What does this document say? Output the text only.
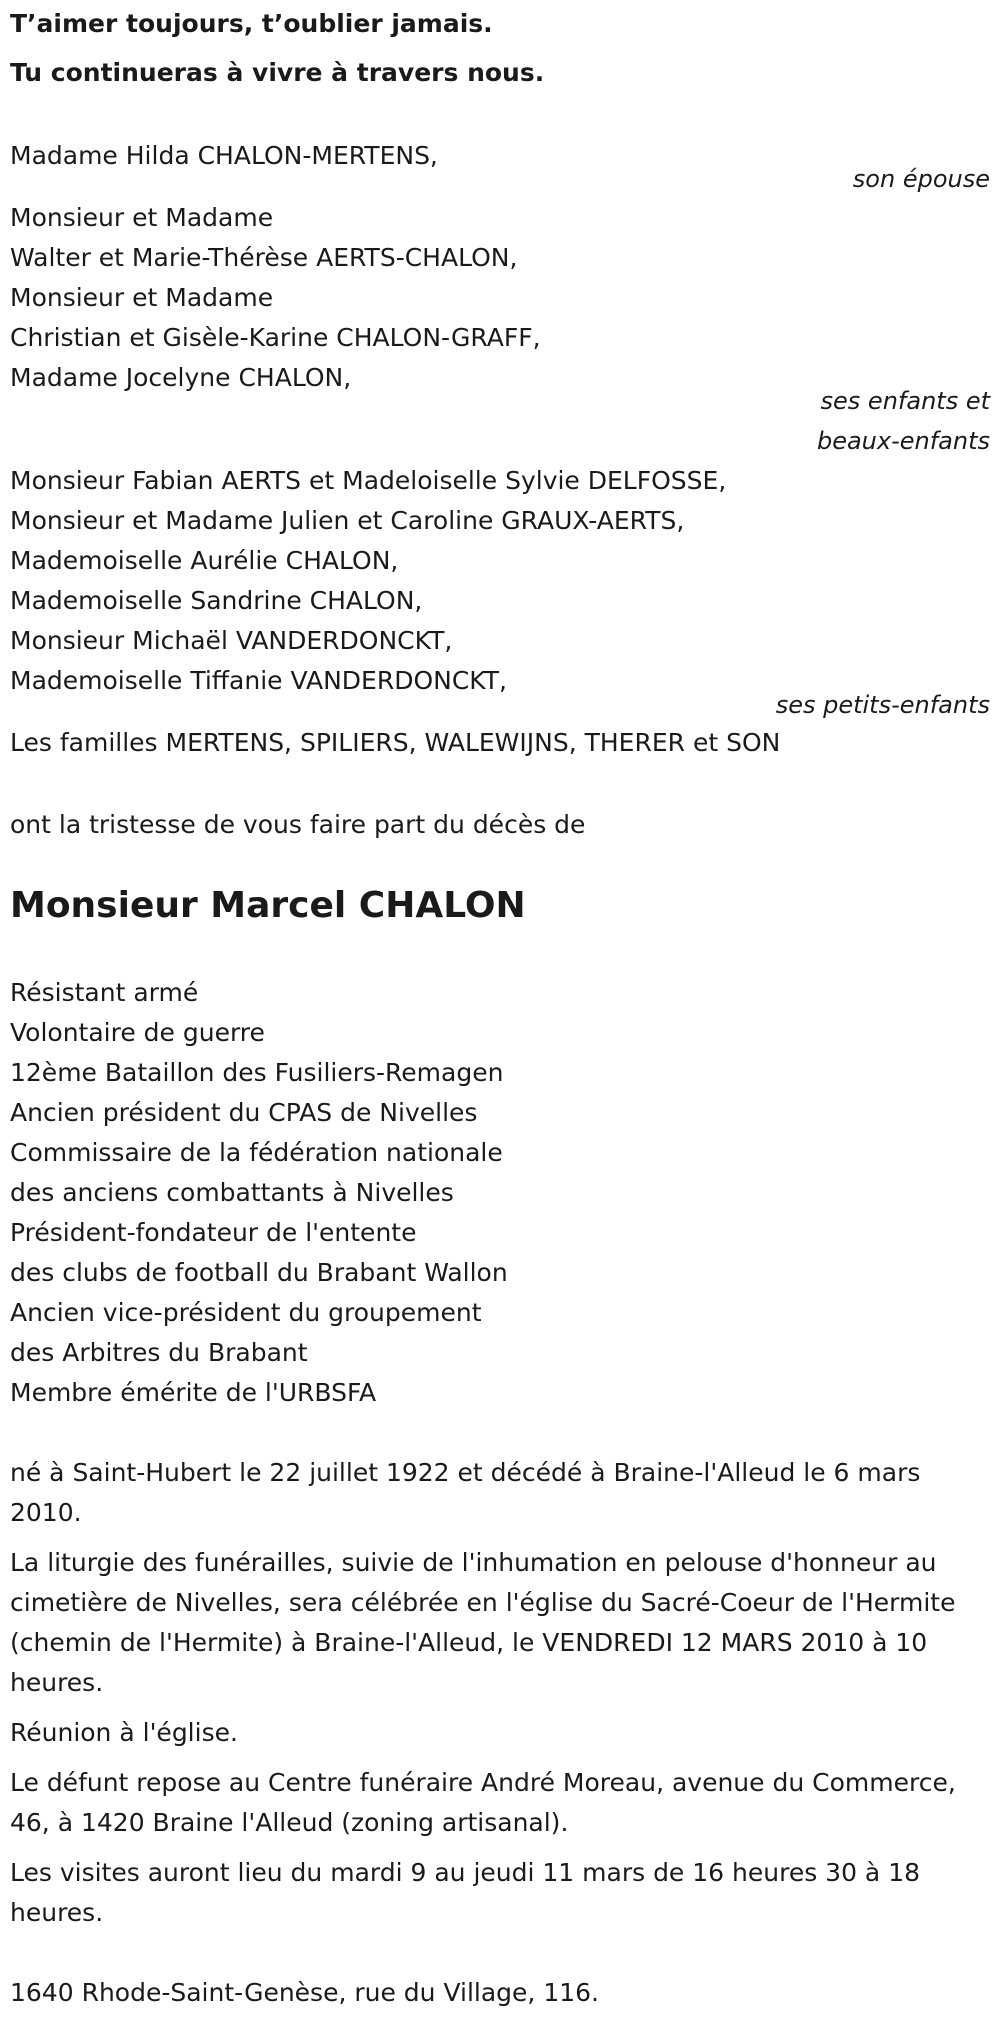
T’aimer toujours, t’oublier jamais.
Tu continueras à vivre à travers nous.
Madame Hilda CHALON-MERTENS,
son épouse
Monsieur et Madame
Walter et Marie-Thérèse AERTS-CHALON,
Monsieur et Madame
Christian et Gisèle-Karine CHALON-GRAFF,
Madame Jocelyne CHALON,
ses enfants et
beaux-enfants
Monsieur Fabian AERTS et Madeloiselle Sylvie DELFOSSE,
Monsieur et Madame Julien et Caroline GRAUX-AERTS,
Mademoiselle Aurélie CHALON,
Mademoiselle Sandrine CHALON,
Monsieur Michaël VANDERDONCKT,
Mademoiselle Tiffanie VANDERDONCKT,
ses petits-enfants
Les familles MERTENS, SPILIERS, WALEWIJNS, THERER et SON
ont la tristesse de vous faire part du décès de
Monsieur Marcel CHALON
Résistant armé
Volontaire de guerre
12ème Bataillon des Fusiliers-Remagen
Ancien président du CPAS de Nivelles
Commissaire de la fédération nationale
des anciens combattants à Nivelles
Président-fondateur de l'entente
des clubs de football du Brabant Wallon
Ancien vice-président du groupement
des Arbitres du Brabant
Membre émérite de l'URBSFA
né à Saint-Hubert le 22 juillet 1922 et décédé à Braine-l'Alleud le 6 mars 2010.
La liturgie des funérailles, suivie de l'inhumation en pelouse d'honneur au cimetière de Nivelles, sera célébrée en l'église du Sacré-Coeur de l'Hermite (chemin de l'Hermite) à Braine-l'Alleud, le VENDREDI 12 MARS 2010 à 10 heures.
Réunion à l'église.
Le défunt repose au Centre funéraire André Moreau, avenue du Commerce, 46, à 1420 Braine l'Alleud (zoning artisanal).
Les visites auront lieu du mardi 9 au jeudi 11 mars de 16 heures 30 à 18 heures.
1640 Rhode-Saint-Genèse, rue du Village, 116.
